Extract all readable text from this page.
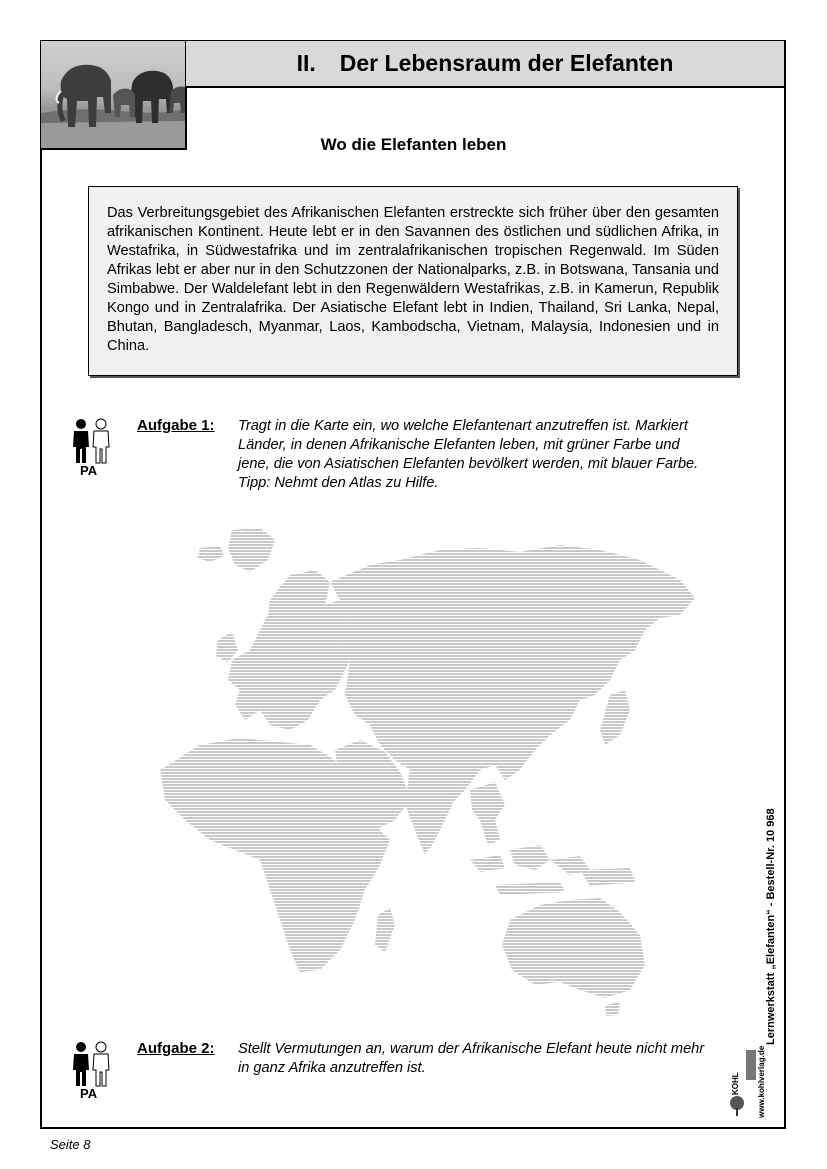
II. Der Lebensraum der Elefanten
Wo die Elefanten leben
Das Verbreitungsgebiet des Afrikanischen Elefanten erstreckte sich früher über den gesamten afrikanischen Kontinent. Heute lebt er in den Savannen des östlichen und südlichen Afrika, in Westafrika, in Südwestafrika und im zentralafrikanischen tropischen Regenwald. Im Süden Afrikas lebt er aber nur in den Schutzzonen der Nationalparks, z.B. in Botswana, Tansania und Simbabwe. Der Waldelefant lebt in den Regenwäldern Westafrikas, z.B. in Kamerun, Republik Kongo und in Zentralafrika. Der Asiatische Elefant lebt in Indien, Thailand, Sri Lanka, Nepal, Bhutan, Bangladesch, Myanmar, Laos, Kambodscha, Vietnam, Malaysia, Indonesien und in China.
PA
Aufgabe 1: Tragt in die Karte ein, wo welche Elefantenart anzutreffen ist. Markiert Länder, in denen Afrikanische Elefanten leben, mit grüner Farbe und jene, die von Asiatischen Elefanten bevölkert werden, mit blauer Farbe. Tipp: Nehmt den Atlas zu Hilfe.
PA
Aufgabe 2: Stellt Vermutungen an, warum der Afrikanische Elefant heute nicht mehr in ganz Afrika anzutreffen ist.
Lernwerkstatt „Elefanten“ - Bestell-Nr. 10 968
www.kohlverlag.de
KOHL
Seite 8
